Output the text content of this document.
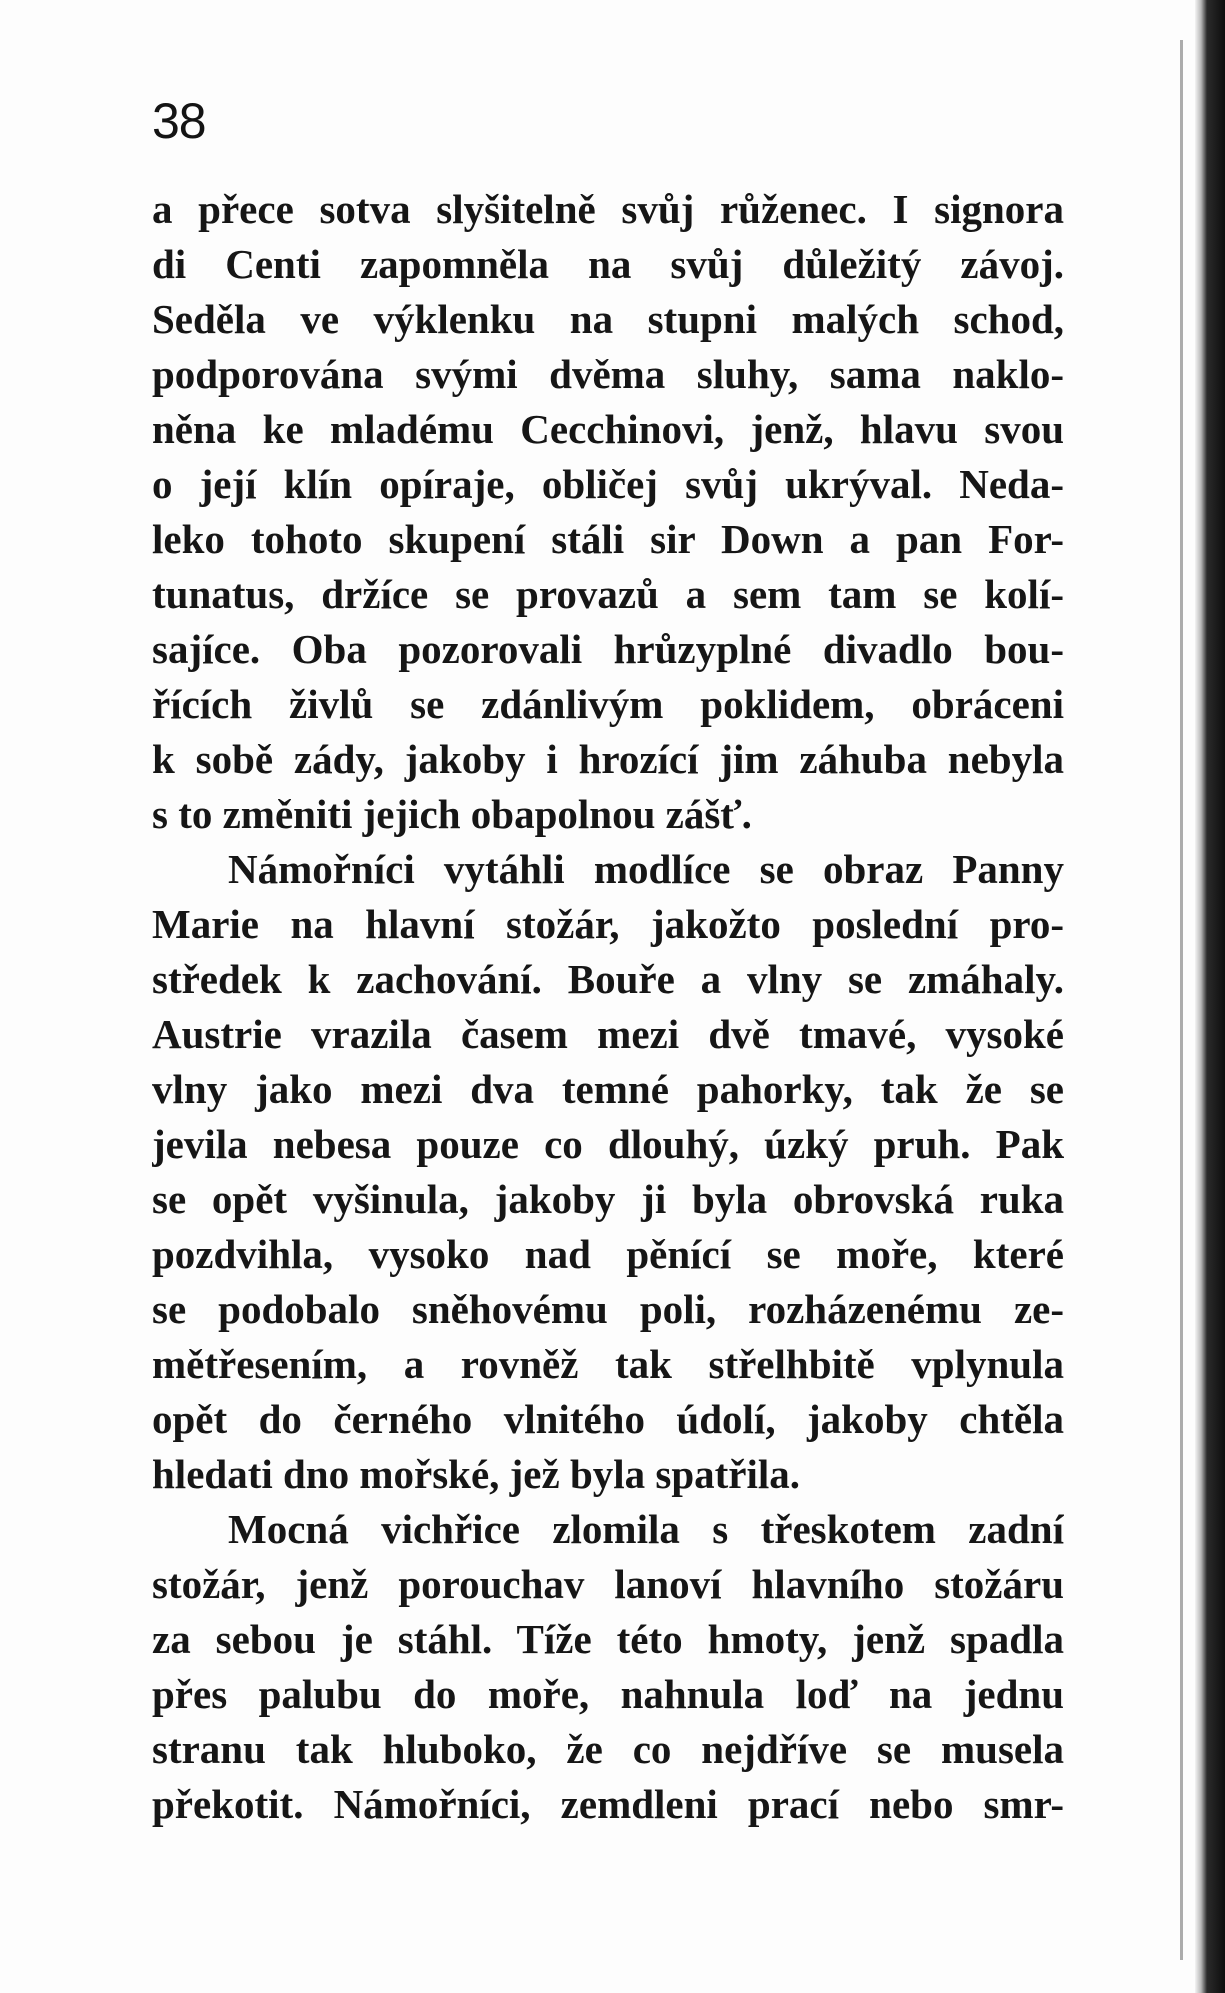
38
a přece sotva slyšitelně svůj růženec. I signora
di Centi zapomněla na svůj důležitý závoj.
Seděla ve výklenku na stupni malých schod,
podporována svými dvěma sluhy, sama naklo-
něna ke mladému Cecchinovi, jenž, hlavu svou
o její klín opíraje, obličej svůj ukrýval. Neda-
leko tohoto skupení stáli sir Down a pan For-
tunatus, držíce se provazů a sem tam se kolí-
sajíce. Oba pozorovali hrůzyplné divadlo bou-
řících živlů se zdánlivým poklidem, obráceni
k sobě zády, jakoby i hrozící jim záhuba nebyla
s to změniti jejich obapolnou zášť.
Námořníci vytáhli modlíce se obraz Panny
Marie na hlavní stožár, jakožto poslední pro-
středek k zachování. Bouře a vlny se zmáhaly.
Austrie vrazila časem mezi dvě tmavé, vysoké
vlny jako mezi dva temné pahorky, tak že se
jevila nebesa pouze co dlouhý, úzký pruh. Pak
se opět vyšinula, jakoby ji byla obrovská ruka
pozdvihla, vysoko nad pěnící se moře, které
se podobalo sněhovému poli, rozházenému ze-
mětřesením, a rovněž tak střelhbitě vplynula
opět do černého vlnitého údolí, jakoby chtěla
hledati dno mořské, jež byla spatřila.
Mocná vichřice zlomila s třeskotem zadní
stožár, jenž porouchav lanoví hlavního stožáru
za sebou je stáhl. Tíže této hmoty, jenž spadla
přes palubu do moře, nahnula loď na jednu
stranu tak hluboko, že co nejdříve se musela
překotit. Námořníci, zemdleni prací nebo smr-
